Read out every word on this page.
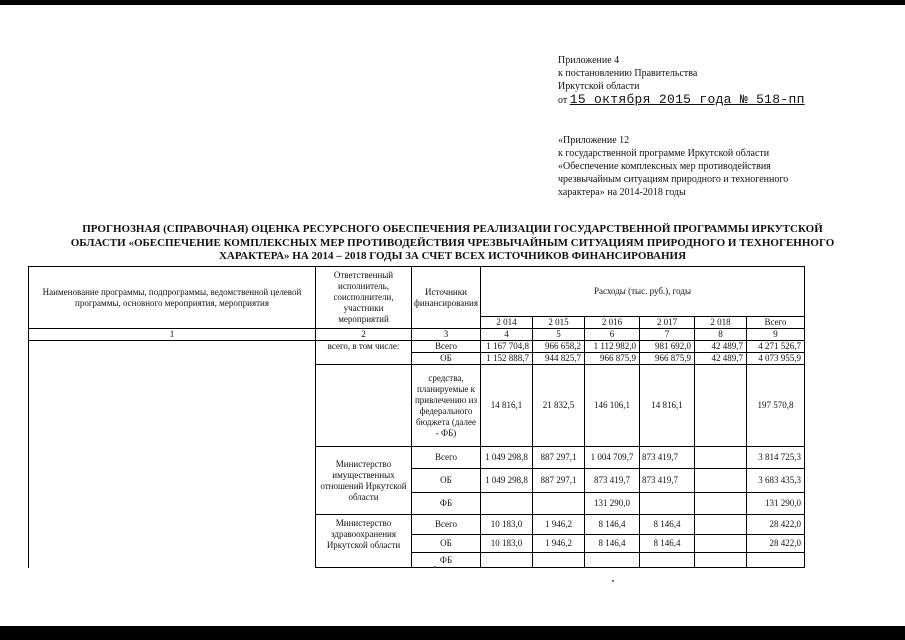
Приложение 4
к постановлению Правительства
Иркутской области
от 15 октября 2015 года № 518-пп
«Приложение 12
к государственной программе Иркутской области
«Обеспечение комплексных мер противодействия
чрезвычайным ситуациям природного и техногенного
характера» на 2014-2018 годы
ПРОГНОЗНАЯ (СПРАВОЧНАЯ) ОЦЕНКА РЕСУРСНОГО ОБЕСПЕЧЕНИЯ РЕАЛИЗАЦИИ ГОСУДАРСТВЕННОЙ ПРОГРАММЫ ИРКУТСКОЙ
ОБЛАСТИ «ОБЕСПЕЧЕНИЕ КОМПЛЕКСНЫХ МЕР ПРОТИВОДЕЙСТВИЯ ЧРЕЗВЫЧАЙНЫМ СИТУАЦИЯМ ПРИРОДНОГО И ТЕХНОГЕННОГО
ХАРАКТЕРА» НА 2014 – 2018 ГОДЫ ЗА СЧЕТ ВСЕХ ИСТОЧНИКОВ ФИНАНСИРОВАНИЯ
Наименование программы, подпрограммы, ведомственной целевой программы, основного мероприятия, мероприятия	Ответственный исполнитель, соисполнители, участники мероприятий	Источники финансирования	Расходы (тыс. руб.), годы					
			2 014	2 015	2 016	2 017	2 018	Всего
1	2	3	4	5	6	7	8	9
	всего, в том числе:	Всего	1 167 704,8	966 658,2	1 112 982,0	981 692,0	42 489,7	4 271 526,7
		ОБ	1 152 888,7	944 825,7	966 875,9	966 875,9	42 489,7	4 073 955,9
		средства, планируемые к привлечению из федерального бюджета (далее - ФБ)	14 816,1	21 832,5	146 106,1	14 816,1		197 570,8
	Министерство имущественных отношений Иркутской области	Всего	1 049 298,8	887 297,1	1 004 709,7	873 419,7		3 814 725,3
		ОБ	1 049 298,8	887 297,1	873 419,7	873 419,7		3 683 435,3
		ФБ			131 290,0			131 290,0
	Министерство здравоохранения Иркутской области	Всего	10 183,0	1 946,2	8 146,4	8 146,4		28 422,0
		ОБ	10 183,0	1 946,2	8 146,4	8 146,4		28 422,0
		ФБ						
